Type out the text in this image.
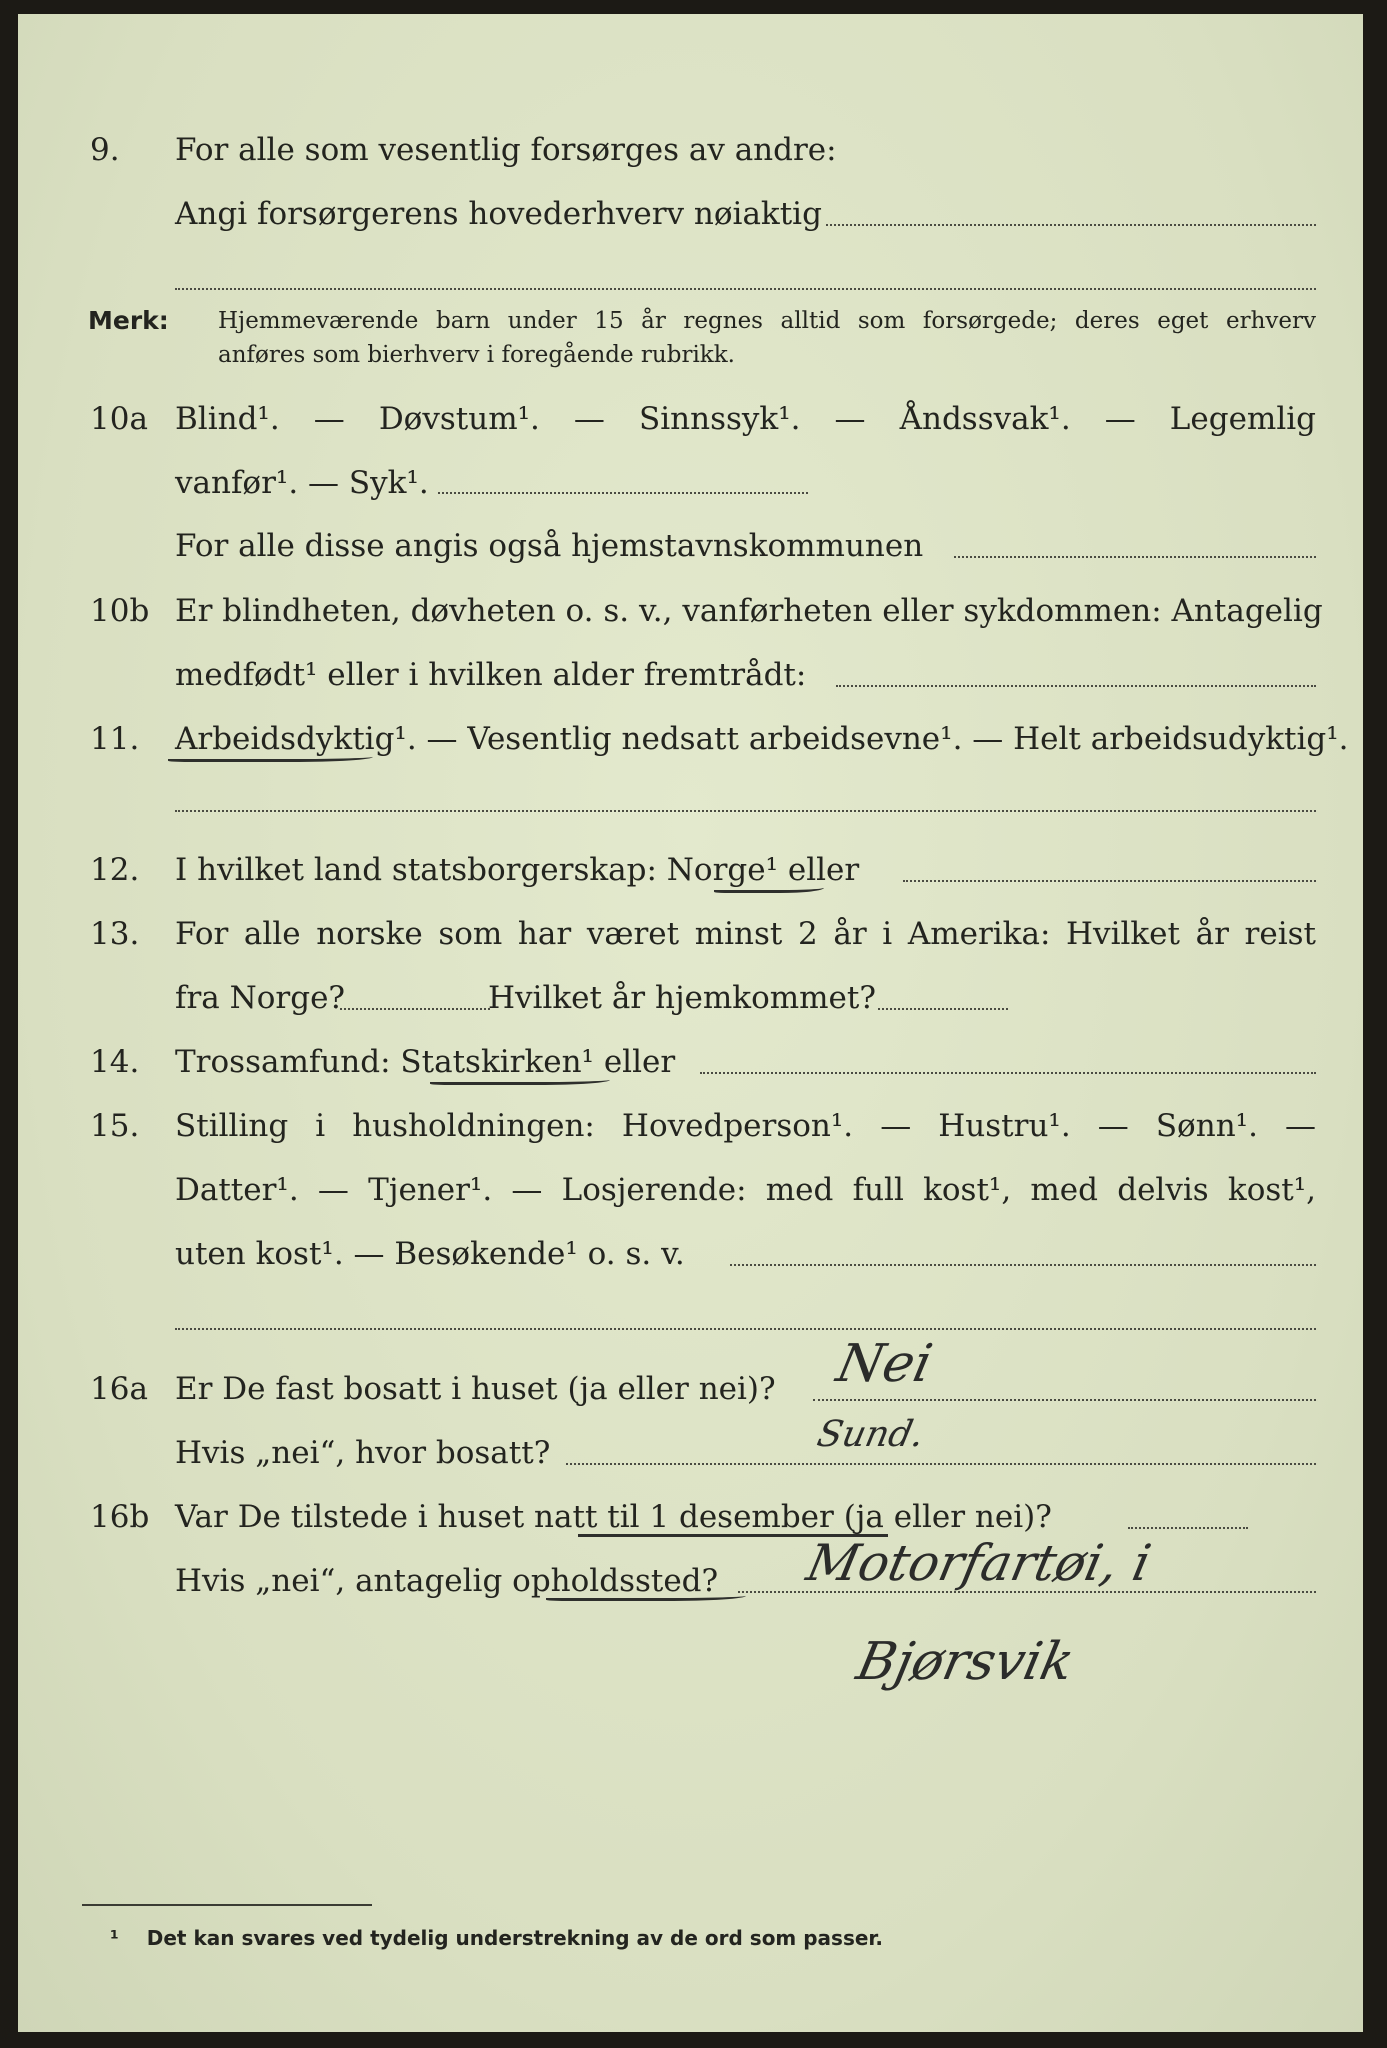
9. For alle som vesentlig forsørges av andre:
Angi forsørgerens hovederhverv nøiaktig
Merk: Hjemmeværende barn under 15 år regnes alltid som forsørgede; deres eget erhverv
anføres som bierhverv i foregående rubrikk.
10a Blind¹. — Døvstum¹. — Sinnssyk¹. — Åndssvak¹. — Legemlig
vanfør¹. — Syk¹.
For alle disse angis også hjemstavnskommunen
10b Er blindheten, døvheten o. s. v., vanførheten eller sykdommen: Antagelig
medfødt¹ eller i hvilken alder fremtrådt:
11. Arbeidsdyktig¹. — Vesentlig nedsatt arbeidsevne¹. — Helt arbeidsudyktig¹.
12. I hvilket land statsborgerskap: Norge¹ eller
13. For alle norske som har været minst 2 år i Amerika: Hvilket år reist
fra Norge?	Hvilket år hjemkommet?
14. Trossamfund: Statskirken¹ eller
15. Stilling i husholdningen: Hovedperson¹. — Hustru¹. — Sønn¹. —
Datter¹. — Tjener¹. — Losjerende: med full kost¹, med delvis kost¹,
uten kost¹. — Besøkende¹ o. s. v.
16a Er De fast bosatt i huset (ja eller nei)? Nei
Hvis „nei“, hvor bosatt?	Sund.
16b Var De tilstede i huset natt til 1 desember (ja eller nei)?
Hvis „nei“, antagelig opholdssted? Motorfartøi, i
Bjørsvik
¹ Det kan svares ved tydelig understrekning av de ord som passer.
